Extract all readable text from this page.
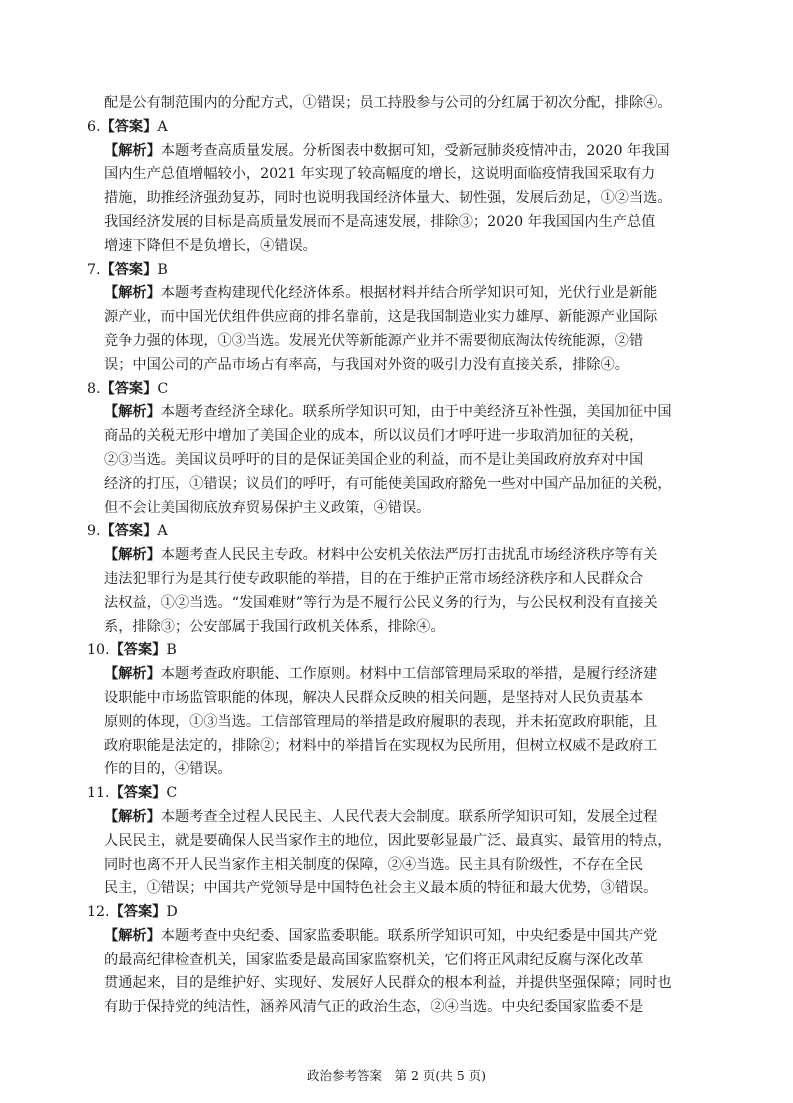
配是公有制范围内的分配方式，①错误；员工持股参与公司的分红属于初次分配，排除④。
6.【答案】A
【解析】本题考查高质量发展。分析图表中数据可知，受新冠肺炎疫情冲击，2020 年我国
国内生产总值增幅较小，2021 年实现了较高幅度的增长，这说明面临疫情我国采取有力
措施，助推经济强劲复苏，同时也说明我国经济体量大、韧性强，发展后劲足，①②当选。
我国经济发展的目标是高质量发展而不是高速发展，排除③；2020 年我国国内生产总值
增速下降但不是负增长，④错误。
7.【答案】B
【解析】本题考查构建现代化经济体系。根据材料并结合所学知识可知，光伏行业是新能
源产业，而中国光伏组件供应商的排名靠前，这是我国制造业实力雄厚、新能源产业国际
竞争力强的体现，①③当选。发展光伏等新能源产业并不需要彻底淘汰传统能源，②错
误；中国公司的产品市场占有率高，与我国对外资的吸引力没有直接关系，排除④。
8.【答案】C
【解析】本题考查经济全球化。联系所学知识可知，由于中美经济互补性强，美国加征中国
商品的关税无形中增加了美国企业的成本，所以议员们才呼吁进一步取消加征的关税，
②③当选。美国议员呼吁的目的是保证美国企业的利益，而不是让美国政府放弃对中国
经济的打压，①错误；议员们的呼吁，有可能使美国政府豁免一些对中国产品加征的关税，
但不会让美国彻底放弃贸易保护主义政策，④错误。
9.【答案】A
【解析】本题考查人民民主专政。材料中公安机关依法严厉打击扰乱市场经济秩序等有关
违法犯罪行为是其行使专政职能的举措，目的在于维护正常市场经济秩序和人民群众合
法权益，①②当选。“发国难财”等行为是不履行公民义务的行为，与公民权利没有直接关
系，排除③；公安部属于我国行政机关体系，排除④。
10.【答案】B
【解析】本题考查政府职能、工作原则。材料中工信部管理局采取的举措，是履行经济建
设职能中市场监管职能的体现，解决人民群众反映的相关问题，是坚持对人民负责基本
原则的体现，①③当选。工信部管理局的举措是政府履职的表现，并未拓宽政府职能，且
政府职能是法定的，排除②；材料中的举措旨在实现权为民所用，但树立权威不是政府工
作的目的，④错误。
11.【答案】C
【解析】本题考查全过程人民民主、人民代表大会制度。联系所学知识可知，发展全过程
人民民主，就是要确保人民当家作主的地位，因此要彰显最广泛、最真实、最管用的特点，
同时也离不开人民当家作主相关制度的保障，②④当选。民主具有阶级性，不存在全民
民主，①错误；中国共产党领导是中国特色社会主义最本质的特征和最大优势，③错误。
12.【答案】D
【解析】本题考查中央纪委、国家监委职能。联系所学知识可知，中央纪委是中国共产党
的最高纪律检查机关，国家监委是最高国家监察机关，它们将正风肃纪反腐与深化改革
贯通起来，目的是维护好、实现好、发展好人民群众的根本利益，并提供坚强保障；同时也
有助于保持党的纯洁性，涵养风清气正的政治生态，②④当选。中央纪委国家监委不是
政治参考答案　第 2 页(共 5 页)
